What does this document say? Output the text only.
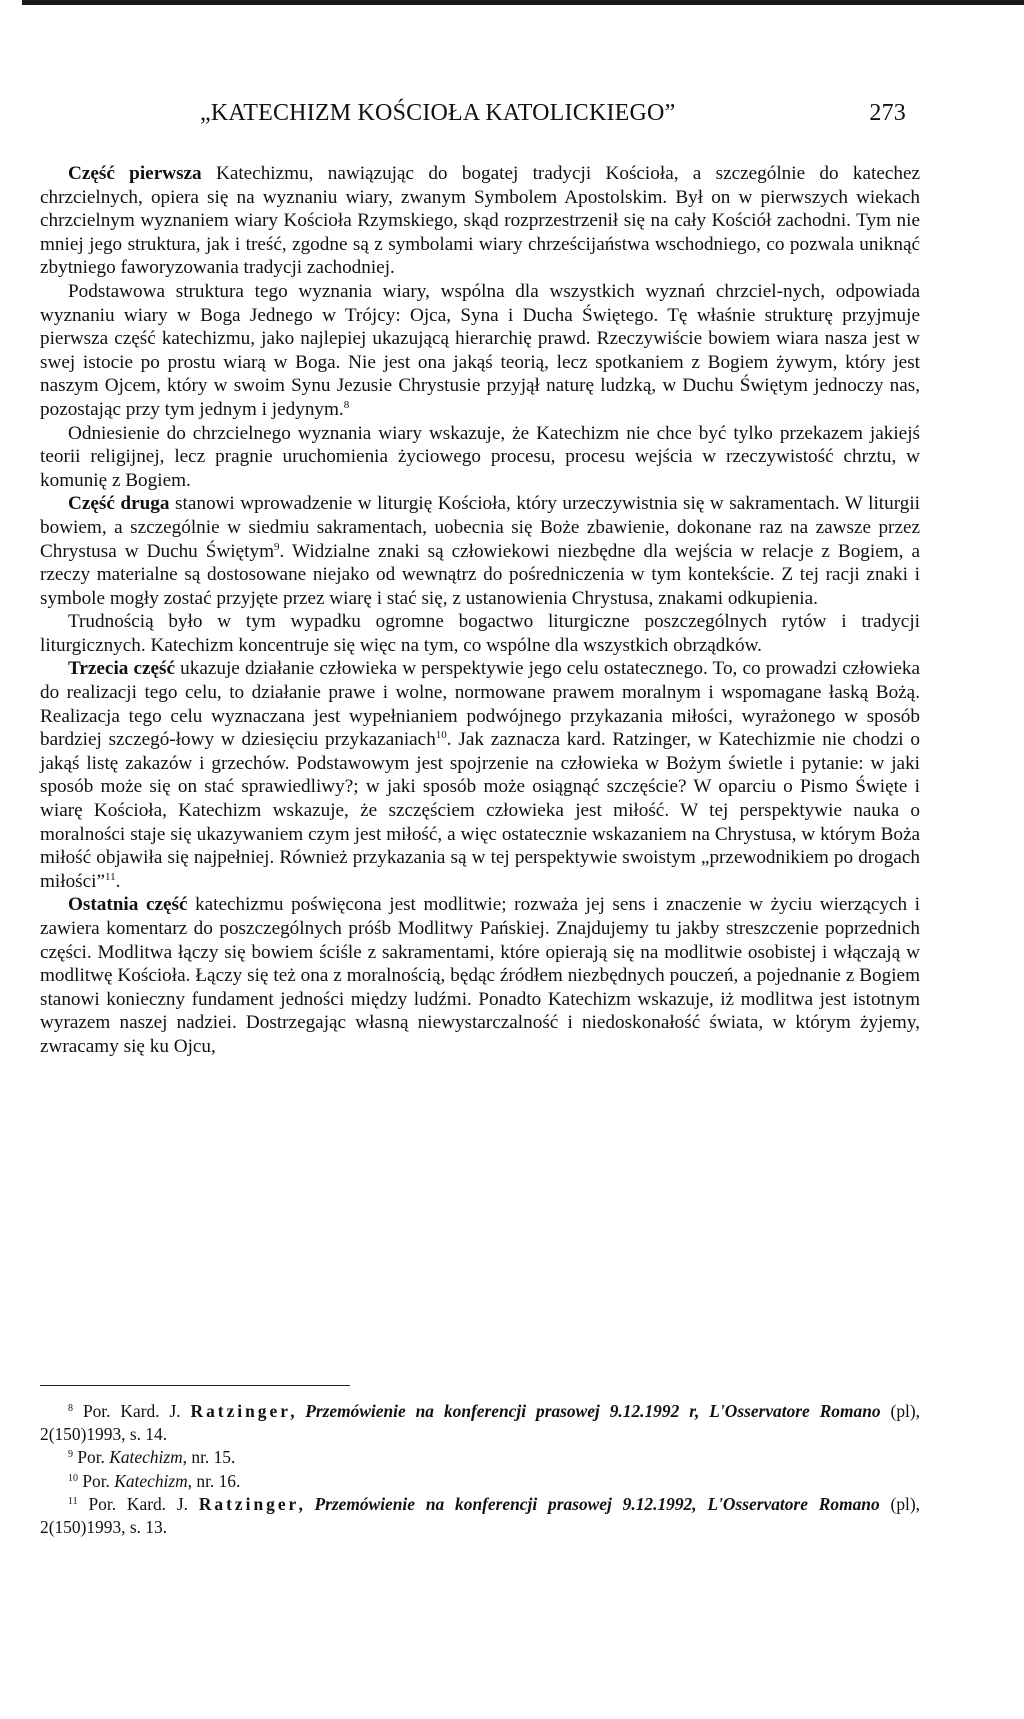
„KATECHIZM KOŚCIOŁA KATOLICKIEGO”	273

Część pierwsza Katechizmu, nawiązując do bogatej tradycji Kościoła, a szczególnie do katechez chrzcielnych, opiera się na wyznaniu wiary, zwanym Symbolem Apostolskim. Był on w pierwszych wiekach chrzcielnym wyznaniem wiary Kościoła Rzymskiego, skąd rozprzestrzenił się na cały Kościół zachodni. Tym nie mniej jego struktura, jak i treść, zgodne są z symbolami wiary chrześcijaństwa wschodniego, co pozwala uniknąć zbytniego faworyzowania tradycji zachodniej.

Podstawowa struktura tego wyznania wiary, wspólna dla wszystkich wyznań chrzciel-nych, odpowiada wyznaniu wiary w Boga Jednego w Trójcy: Ojca, Syna i Ducha Świętego. Tę właśnie strukturę przyjmuje pierwsza część katechizmu, jako najlepiej ukazującą hierarchię prawd. Rzeczywiście bowiem wiara nasza jest w swej istocie po prostu wiarą w Boga. Nie jest ona jakąś teorią, lecz spotkaniem z Bogiem żywym, który jest naszym Ojcem, który w swoim Synu Jezusie Chrystusie przyjął naturę ludzką, w Duchu Świętym jednoczy nas, pozostając przy tym jednym i jedynym.$^8$

Odniesienie do chrzcielnego wyznania wiary wskazuje, że Katechizm nie chce być tylko przekazem jakiejś teorii religijnej, lecz pragnie uruchomienia życiowego procesu, procesu wejścia w rzeczywistość chrztu, w komunię z Bogiem.

Część druga stanowi wprowadzenie w liturgię Kościoła, który urzeczywistnia się w sakramentach. W liturgii bowiem, a szczególnie w siedmiu sakramentach, uobecnia się Boże zbawienie, dokonane raz na zawsze przez Chrystusa w Duchu Świętym$^9$. Widzialne znaki są człowiekowi niezbędne dla wejścia w relacje z Bogiem, a rzeczy materialne są dostosowane niejako od wewnątrz do pośredniczenia w tym kontekście. Z tej racji znaki i symbole mogły zostać przyjęte przez wiarę i stać się, z ustanowienia Chrystusa, znakami odkupienia.

Trudnością było w tym wypadku ogromne bogactwo liturgiczne poszczególnych rytów i tradycji liturgicznych. Katechizm koncentruje się więc na tym, co wspólne dla wszystkich obrządków.

Trzecia część ukazuje działanie człowieka w perspektywie jego celu ostatecznego. To, co prowadzi człowieka do realizacji tego celu, to działanie prawe i wolne, normowane prawem moralnym i wspomagane łaską Bożą. Realizacja tego celu wyznaczana jest wypełnianiem podwójnego przykazania miłości, wyrażonego w sposób bardziej szczegó-łowy w dziesięciu przykazaniach$^{10}$. Jak zaznacza kard. Ratzinger, w Katechizmie nie chodzi o jakąś listę zakazów i grzechów. Podstawowym jest spojrzenie na człowieka w Bożym świetle i pytanie: w jaki sposób może się on stać sprawiedliwy?; w jaki sposób może osiągnąć szczęście? W oparciu o Pismo Święte i wiarę Kościoła, Katechizm wskazuje, że szczęściem człowieka jest miłość. W tej perspektywie nauka o moralności staje się ukazywaniem czym jest miłość, a więc ostatecznie wskazaniem na Chrystusa, w którym Boża miłość objawiła się najpełniej. Również przykazania są w tej perspektywie swoistym „przewodnikiem po drogach miłości”$^{11}$.

Ostatnia część katechizmu poświęcona jest modlitwie; rozważa jej sens i znaczenie w życiu wierzących i zawiera komentarz do poszczególnych próśb Modlitwy Pańskiej. Znajdujemy tu jakby streszczenie poprzednich części. Modlitwa łączy się bowiem ściśle z sakramentami, które opierają się na modlitwie osobistej i włączają w modlitwę Kościoła. Łączy się też ona z moralnością, będąc źródłem niezbędnych pouczeń, a pojednanie z Bogiem stanowi konieczny fundament jedności między ludźmi. Ponadto Katechizm wskazuje, iż modlitwa jest istotnym wyrazem naszej nadziei. Dostrzegając własną niewystarczalność i niedoskonałość świata, w którym żyjemy, zwracamy się ku Ojcu,

$^8$ Por. Kard. J. Ratzinger, Przemówienie na konferencji prasowej 9.12.1992 r, L'Osservatore Romano (pl), 2(150)1993, s. 14.

$^9$ Por. Katechizm, nr. 15.

$^{10}$ Por. Katechizm, nr. 16.

$^{11}$ Por. Kard. J. Ratzinger, Przemówienie na konferencji prasowej 9.12.1992, L'Osservatore Romano (pl), 2(150)1993, s. 13.
